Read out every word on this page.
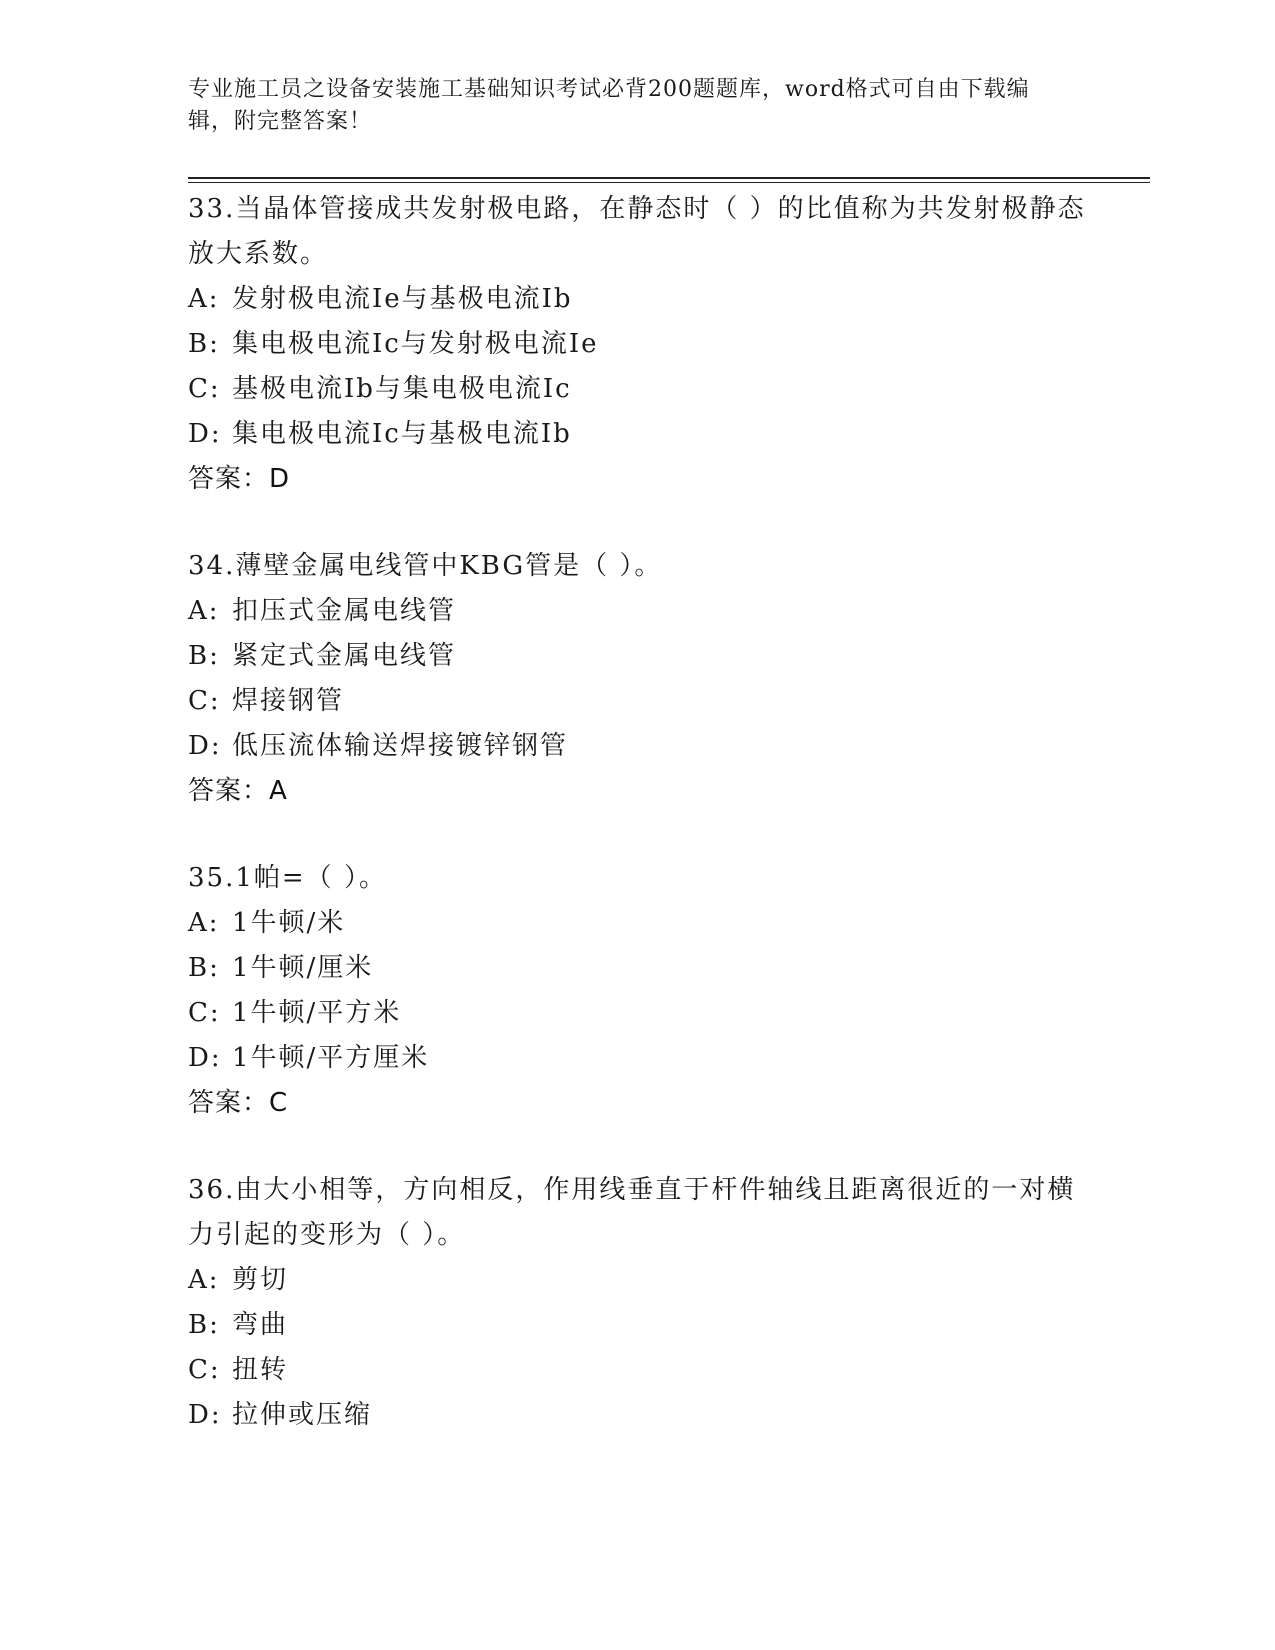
专业施工员之设备安装施工基础知识考试必背200题题库，word格式可自由下载编辑，附完整答案！
33.当晶体管接成共发射极电路，在静态时（ ）的比值称为共发射极静态放大系数。
A: 发射极电流Ie与基极电流Ib
B: 集电极电流Ic与发射极电流Ie
C: 基极电流Ib与集电极电流Ic
D: 集电极电流Ic与基极电流Ib
答案：D
34.薄壁金属电线管中KBG管是（ ）。
A: 扣压式金属电线管
B: 紧定式金属电线管
C: 焊接钢管
D: 低压流体输送焊接镀锌钢管
答案：A
35.1帕=（ ）。
A: 1牛顿/米
B: 1牛顿/厘米
C: 1牛顿/平方米
D: 1牛顿/平方厘米
答案：C
36.由大小相等，方向相反，作用线垂直于杆件轴线且距离很近的一对横力引起的变形为（ ）。
A: 剪切
B: 弯曲
C: 扭转
D: 拉伸或压缩
